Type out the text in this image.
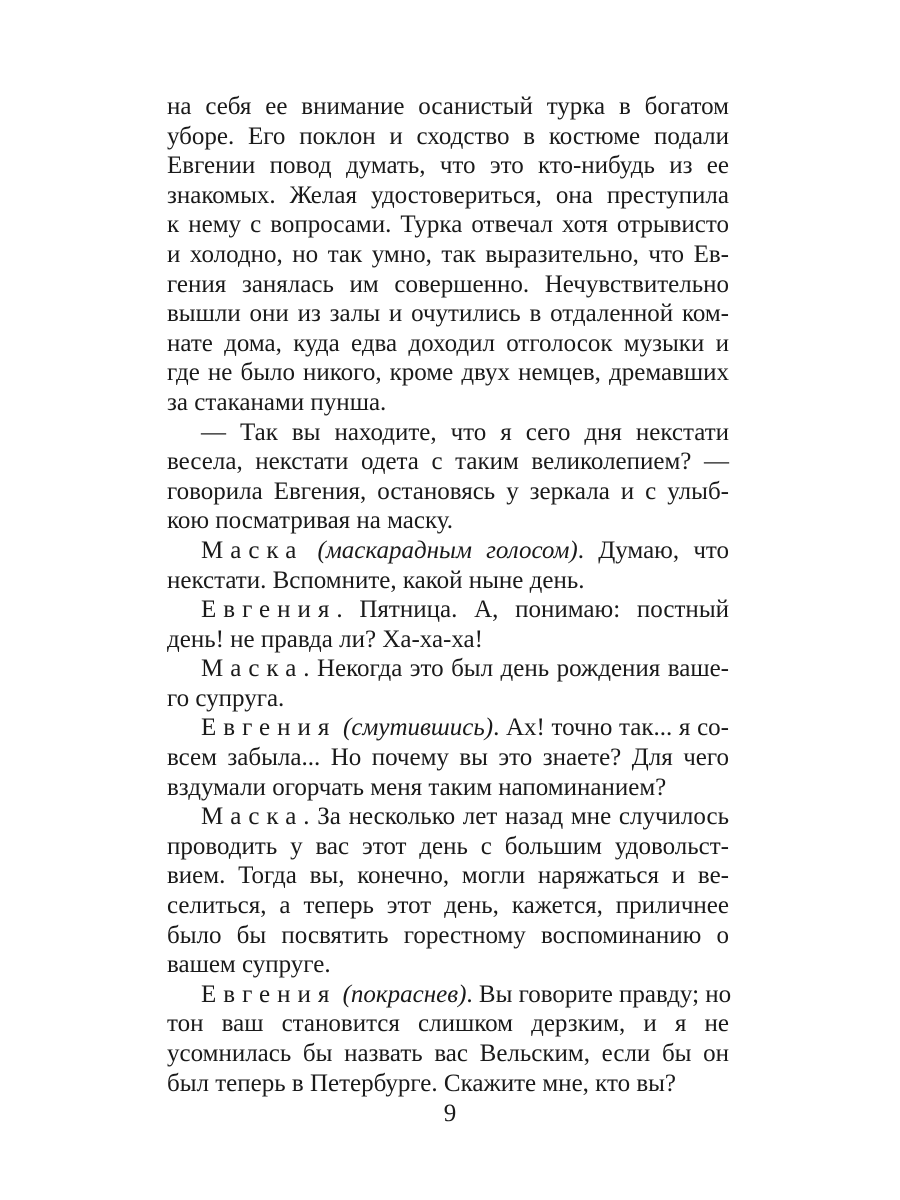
на себя ее внимание осанистый турка в богатом
уборе. Его поклон и сходство в костюме подали
Евгении повод думать, что это кто-нибудь из ее
знакомых. Желая удостовериться, она преступила
к нему с вопросами. Турка отвечал хотя отрывисто
и холодно, но так умно, так выразительно, что Ев-
гения занялась им совершенно. Нечувствительно
вышли они из залы и очутились в отдаленной ком-
нате дома, куда едва доходил отголосок музыки и
где не было никого, кроме двух немцев, дремавших
за стаканами пунша.
— Так вы находите, что я сего дня некстати
весела, некстати одета с таким великолепием? —
говорила Евгения, остановясь у зеркала и с улыб-
кою посматривая на маску.
Маска (маскарадным голосом). Думаю, что
некстати. Вспомните, какой ныне день.
Евгения. Пятница. А, понимаю: постный
день! не правда ли? Ха-ха-ха!
Маска. Некогда это был день рождения ваше-
го супруга.
Евгения (смутившись). Ах! точно так... я со-
всем забыла... Но почему вы это знаете? Для чего
вздумали огорчать меня таким напоминанием?
Маска. За несколько лет назад мне случилось
проводить у вас этот день с большим удовольст-
вием. Тогда вы, конечно, могли наряжаться и ве-
селиться, а теперь этот день, кажется, приличнее
было бы посвятить горестному воспоминанию о
вашем супруге.
Евгения (покраснев). Вы говорите правду; но
тон ваш становится слишком дерзким, и я не
усомнилась бы назвать вас Вельским, если бы он
был теперь в Петербурге. Скажите мне, кто вы?
9
